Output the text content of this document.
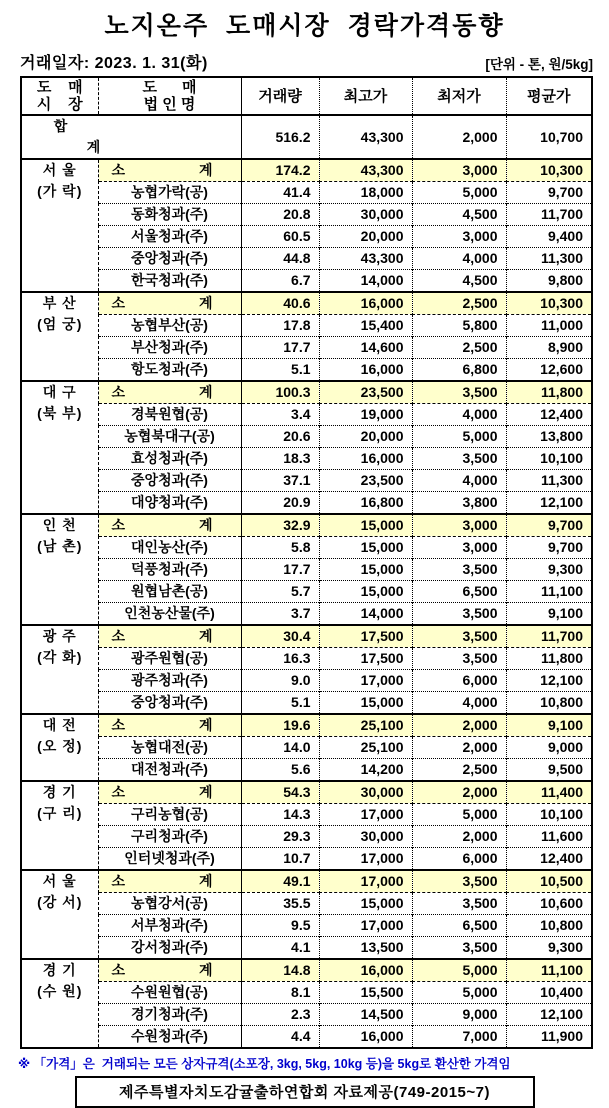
노지온주 도매시장 경락가격동향
거래일자: 2023. 1. 31(화)	[단위 - 톤, 원/5kg]
도    매
시    장

도      매
법 인 명	거래량	최고가	최저가	평균가
합계		516.2	43,300	2,000	10,700

서 울
(가 락)

소	계	174.2	43,300	3,000	10,300
	농협가락(공)	41.4	18,000	5,000	9,700
	동화청과(주)	20.8	30,000	4,500	11,700
	서울청과(주)	60.5	20,000	3,000	9,400
	중앙청과(주)	44.8	43,300	4,000	11,300
	한국청과(주)	6.7	14,000	4,500	9,800

부 산
(엄 궁)

소	계	40.6	16,000	2,500	10,300
	농협부산(공)	17.8	15,400	5,800	11,000
	부산청과(주)	17.7	14,600	2,500	8,900
	항도청과(주)	5.1	16,000	6,800	12,600

대 구
(북 부)

소	계	100.3	23,500	3,500	11,800
	경북원협(공)	3.4	19,000	4,000	12,400
	농협북대구(공)	20.6	20,000	5,000	13,800
	효성청과(주)	18.3	16,000	3,500	10,100
	중앙청과(주)	37.1	23,500	4,000	11,300
	대양청과(주)	20.9	16,800	3,800	12,100

인 천
(남 촌)

소	계	32.9	15,000	3,000	9,700
	대인농산(주)	5.8	15,000	3,000	9,700
	덕풍청과(주)	17.7	15,000	3,500	9,300
	원협남촌(공)	5.7	15,000	6,500	11,100
	인천농산물(주)	3.7	14,000	3,500	9,100

광 주
(각 화)

소	계	30.4	17,500	3,500	11,700
	광주원협(공)	16.3	17,500	3,500	11,800
	광주청과(주)	9.0	17,000	6,000	12,100
	중앙청과(주)	5.1	15,000	4,000	10,800

대 전
(오 정)

소	계	19.6	25,100	2,000	9,100
	농협대전(공)	14.0	25,100	2,000	9,000
	대전청과(주)	5.6	14,200	2,500	9,500

경 기
(구 리)

소	계	54.3	30,000	2,000	11,400
	구리농협(공)	14.3	17,000	5,000	10,100
	구리청과(주)	29.3	30,000	2,000	11,600
	인터넷청과(주)	10.7	17,000	6,000	12,400

서 울
(강 서)

소	계	49.1	17,000	3,500	10,500
	농협강서(공)	35.5	15,000	3,500	10,600
	서부청과(주)	9.5	17,000	6,500	10,800
	강서청과(주)	4.1	13,500	3,500	9,300

경 기
(수 원)

소	계	14.8	16,000	5,000	11,100
	수원원협(공)	8.1	15,500	5,000	10,400
	경기청과(주)	2.3	14,500	9,000	12,100
	수원청과(주)	4.4	16,000	7,000	11,900
※ 「가격」은  거래되는 모든 상자규격(소포장, 3kg, 5kg, 10kg 등)을 5kg로 환산한 가격임
제주특별자치도감귤출하연합회 자료제공(749-2015~7)
